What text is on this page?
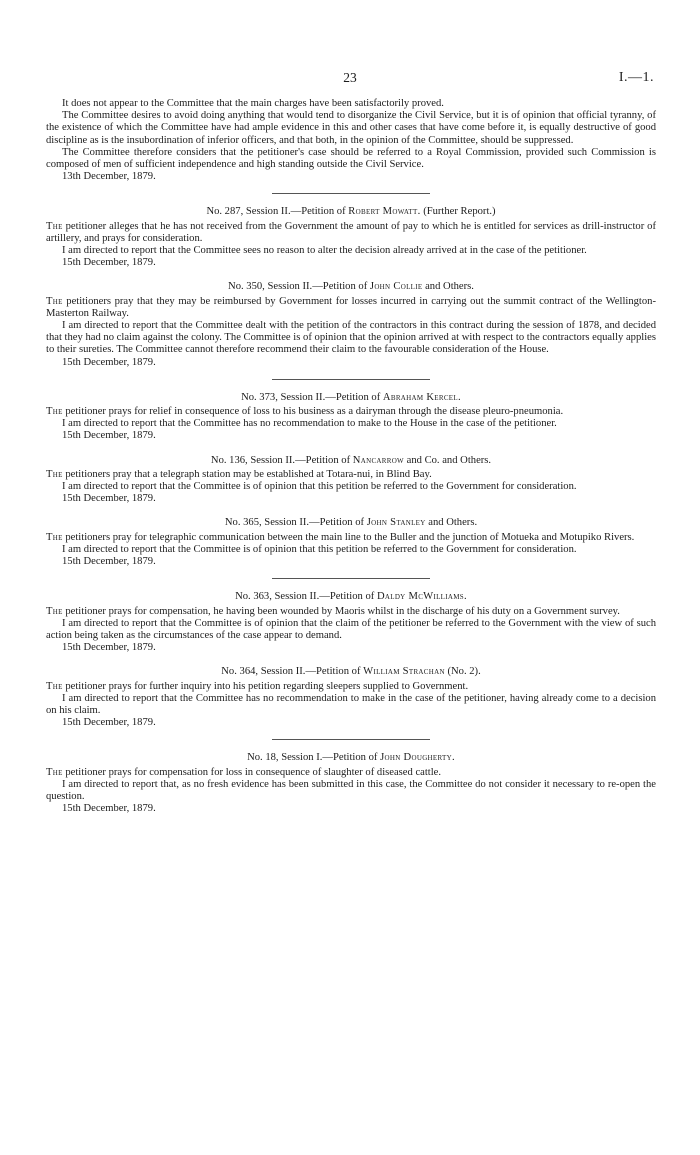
23	I.—1.

It does not appear to the Committee that the main charges have been satisfactorily proved.

The Committee desires to avoid doing anything that would tend to disorganize the Civil Service, but it is of opinion that official tyranny, of the existence of which the Committee have had ample evidence in this and other cases that have come before it, is equally destructive of good discipline as is the insubordination of inferior officers, and that both, in the opinion of the Committee, should be suppressed.

The Committee therefore considers that the petitioner's case should be referred to a Royal Commission, provided such Commission is composed of men of sufficient independence and high standing outside the Civil Service.

13th December, 1879.

No. 287, Session II.—Petition of Robert Mowatt. (Further Report.)

The petitioner alleges that he has not received from the Government the amount of pay to which he is entitled for services as drill-instructor of artillery, and prays for consideration.

I am directed to report that the Committee sees no reason to alter the decision already arrived at in the case of the petitioner.

15th December, 1879.

No. 350, Session II.—Petition of John Collie and Others.

The petitioners pray that they may be reimbursed by Government for losses incurred in carrying out the summit contract of the Wellington-Masterton Railway.

I am directed to report that the Committee dealt with the petition of the contractors in this contract during the session of 1878, and decided that they had no claim against the colony. The Committee is of opinion that the opinion arrived at with respect to the contractors equally applies to their sureties. The Committee cannot therefore recommend their claim to the favourable consideration of the House.

15th December, 1879.

No. 373, Session II.—Petition of Abraham Kercel.

The petitioner prays for relief in consequence of loss to his business as a dairyman through the disease pleuro-pneumonia.

I am directed to report that the Committee has no recommendation to make to the House in the case of the petitioner.

15th December, 1879.

No. 136, Session II.—Petition of Nancarrow and Co. and Others.

The petitioners pray that a telegraph station may be established at Totara-nui, in Blind Bay.

I am directed to report that the Committee is of opinion that this petition be referred to the Government for consideration.

15th December, 1879.

No. 365, Session II.—Petition of John Stanley and Others.

The petitioners pray for telegraphic communication between the main line to the Buller and the junction of Motueka and Motupiko Rivers.

I am directed to report that the Committee is of opinion that this petition be referred to the Government for consideration.

15th December, 1879.

No. 363, Session II.—Petition of Daldy McWilliams.

The petitioner prays for compensation, he having been wounded by Maoris whilst in the discharge of his duty on a Government survey.

I am directed to report that the Committee is of opinion that the claim of the petitioner be referred to the Government with the view of such action being taken as the circumstances of the case appear to demand.

15th December, 1879.

No. 364, Session II.—Petition of William Strachan (No. 2).

The petitioner prays for further inquiry into his petition regarding sleepers supplied to Government.

I am directed to report that the Committee has no recommendation to make in the case of the petitioner, having already come to a decision on his claim.

15th December, 1879.

No. 18, Session I.—Petition of John Dougherty.

The petitioner prays for compensation for loss in consequence of slaughter of diseased cattle.

I am directed to report that, as no fresh evidence has been submitted in this case, the Committee do not consider it necessary to re-open the question.

15th December, 1879.
